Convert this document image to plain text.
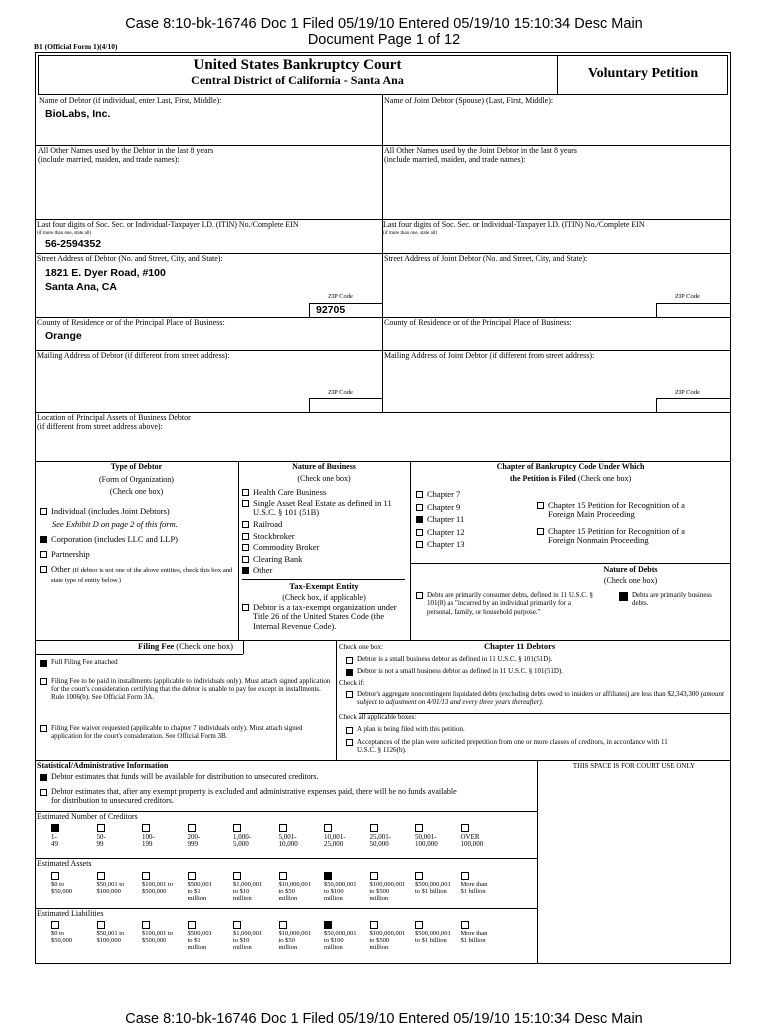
Case 8:10-bk-16746 Doc 1 Filed 05/19/10 Entered 05/19/10 15:10:34 Desc Main
Document Page 1 of 12
B1 (Official Form 1)(4/10)
United States Bankruptcy Court
Central District of California - Santa Ana	Voluntary Petition
Name of Debtor (if individual, enter Last, First, Middle):
BioLabs, Inc.
Name of Joint Debtor (Spouse) (Last, First, Middle):
All Other Names used by the Debtor in the last 8 years
(include married, maiden, and trade names):
All Other Names used by the Joint Debtor in the last 8 years
(include married, maiden, and trade names):
Last four digits of Soc. Sec. or Individual-Taxpayer I.D. (ITIN) No./Complete EIN
(if more than one, state all)
56-2594352
Last four digits of Soc. Sec. or Individual-Taxpayer I.D. (ITIN) No./Complete EIN
(if more than one, state all)
Street Address of Debtor (No. and Street, City, and State):
1821 E. Dyer Road, #100
Santa Ana, CA
ZIP Code
92705
Street Address of Joint Debtor (No. and Street, City, and State):
ZIP Code
County of Residence or of the Principal Place of Business:
Orange
County of Residence or of the Principal Place of Business:
Mailing Address of Debtor (if different from street address):
ZIP Code
Mailing Address of Joint Debtor (if different from street address):
ZIP Code
Location of Principal Assets of Business Debtor
(if different from street address above):
Type of Debtor
(Form of Organization)
(Check one box)
Individual (includes Joint Debtors)
See Exhibit D on page 2 of this form.
Corporation (includes LLC and LLP)
Partnership
Other (If debtor is not one of the above entities, check this box and state type of entity below.)
Nature of Business
(Check one box)
Health Care Business
Single Asset Real Estate as defined in 11 U.S.C. § 101 (51B)
Railroad
Stockbroker
Commodity Broker
Clearing Bank
Other
Tax-Exempt Entity
(Check box, if applicable)
Debtor is a tax-exempt organization under Title 26 of the United States Code (the Internal Revenue Code).
Chapter of Bankruptcy Code Under Which
the Petition is Filed (Check one box)
Chapter 7
Chapter 9
Chapter 11
Chapter 12
Chapter 13
Chapter 15 Petition for Recognition of a Foreign Main Proceeding
Chapter 15 Petition for Recognition of a Foreign Nonmain Proceeding
Nature of Debts
(Check one box)
Debts are primarily consumer debts, defined in 11 U.S.C. § 101(8) as "incurred by an individual primarily for a personal, family, or household purpose."
Debts are primarily business debts.
Filing Fee (Check one box)
Full Filing Fee attached
Filing Fee to be paid in installments (applicable to individuals only). Must attach signed application for the court's consideration certifying that the debtor is unable to pay fee except in installments. Rule 1006(b). See Official Form 3A.
Filing Fee waiver requested (applicable to chapter 7 individuals only). Must attach signed application for the court's consideration. See Official Form 3B.
Check one box:	Chapter 11 Debtors
Debtor is a small business debtor as defined in 11 U.S.C. § 101(51D).
Debtor is not a small business debtor as defined in 11 U.S.C. § 101(51D).
Check if:
Debtor's aggregate noncontingent liquidated debts (excluding debts owed to insiders or affiliates) are less than $2,343,300 (amount subject to adjustment on 4/01/13 and every three years thereafter).
Check all applicable boxes:
A plan is being filed with this petition.
Acceptances of the plan were solicited prepetition from one or more classes of creditors, in accordance with 11 U.S.C. § 1126(b).
Statistical/Administrative Information
Debtor estimates that funds will be available for distribution to unsecured creditors.
Debtor estimates that, after any exempt property is excluded and administrative expenses paid, there will be no funds available for distribution to unsecured creditors.
THIS SPACE IS FOR COURT USE ONLY
Estimated Number of Creditors
1-
49
50-
99
100-
199
200-
999
1,000-
5,000
5,001-
10,000
10,001-
25,000
25,001-
50,000
50,001-
100,000
OVER
100,000
Estimated Assets
$0 to
$50,000
$50,001 to
$100,000
$100,001 to
$500,000
$500,001
to $1
million
$1,000,001
to $10
million
$10,000,001
to $50
million
$50,000,001
to $100
million
$100,000,001
to $500
million
$500,000,001
to $1 billion
More than
$1 billion
Estimated Liabilities
$0 to
$50,000
$50,001 to
$100,000
$100,001 to
$500,000
$500,001
to $1
million
$1,000,001
to $10
million
$10,000,001
to $50
million
$50,000,001
to $100
million
$100,000,001
to $500
million
$500,000,001
to $1 billion
More than
$1 billion
Case 8:10-bk-16746 Doc 1 Filed 05/19/10 Entered 05/19/10 15:10:34 Desc Main
